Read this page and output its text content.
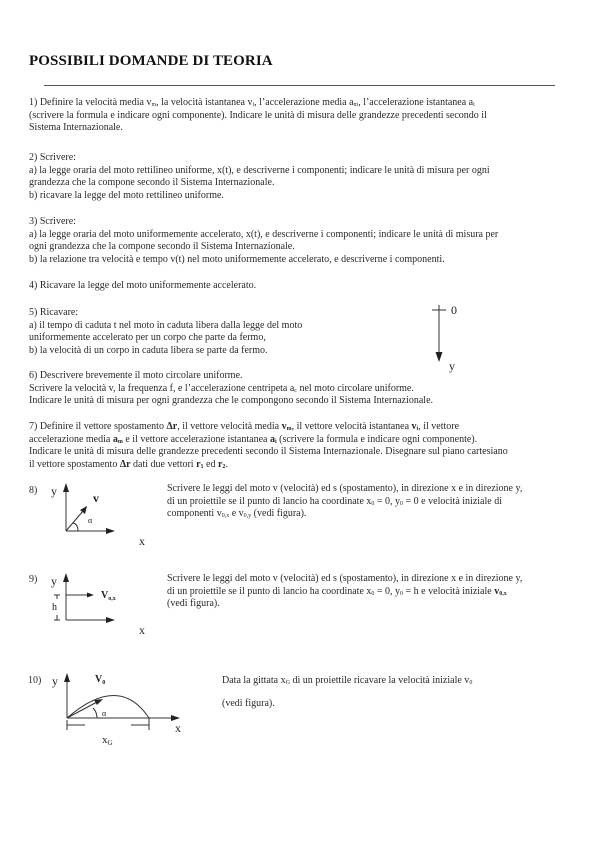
POSSIBILI DOMANDE DI TEORIA
1) Definire la velocità media $v_m$, la velocità istantanea $v_i$, l’accelerazione media $a_m$, l’accelerazione istantanea $a_i$
(scrivere la formula e indicare ogni componente). Indicare le unità di misura delle grandezze precedenti secondo il
Sistema Internazionale.
2) Scrivere:
a) la legge oraria del moto rettilineo uniforme, x(t), e descriverne i componenti; indicare le unità di misura per ogni
grandezza che la compone secondo il Sistema Internazionale.
b) ricavare la legge del moto rettilineo uniforme.
3) Scrivere:
a) la legge oraria del moto uniformemente accelerato, x(t), e descriverne i componenti; indicare le unità di misura per
ogni grandezza che la compone secondo il Sistema Internazionale.
b) la relazione tra velocità e tempo v(t) nel moto uniformemente accelerato, e descriverne i componenti.
4) Ricavare la legge del moto uniformemente accelerato.
5) Ricavare:
a) il tempo di caduta t nel moto in caduta libera dalla legge del moto
uniformemente accelerato per un corpo che parte da fermo,
b) la velocità di un corpo in caduta libera se parte da fermo.
0
y
6) Descrivere brevemente il moto circolare uniforme.
Scrivere la velocità v, la frequenza f, e l’accelerazione centripeta $a_c$ nel moto circolare uniforme.
Indicare le unità di misura per ogni grandezza che le compongono secondo il Sistema Internazionale.
7) Definire il vettore spostamento Δr, il vettore velocità media $v_m$, il vettore velocità istantanea $v_i$, il vettore
accelerazione media $a_m$ e il vettore accelerazione istantanea $a_i$ (scrivere la formula e indicare ogni componente).
Indicare le unità di misura delle grandezze precedenti secondo il Sistema Internazionale. Disegnare sul piano cartesiano
il vettore spostamento Δr dati due vettori $r_1$ ed $r_2$.
8) y	v
α
x
Scrivere le leggi del moto v (velocità) ed s (spostamento), in direzione x e in direzione y,
di un proiettile se il punto di lancio ha coordinate $x_0 = 0$, $y_0 = 0$ e velocità iniziale di
componenti $v_{0,x}$ e $v_{0,y}$ (vedi figura).
9) y
h
$V_{o,x}$
x
Scrivere le leggi del moto v (velocità) ed s (spostamento), in direzione x e in direzione y,
di un proiettile se il punto di lancio ha coordinate $x_0 = 0$, $y_0 = h$ e velocità iniziale $v_{0,x}$
(vedi figura).
10) y	$V_0$
α
x
xG
Data la gittata $x_G$ di un proiettile ricavare la velocità iniziale $v_0$
(vedi figura).
